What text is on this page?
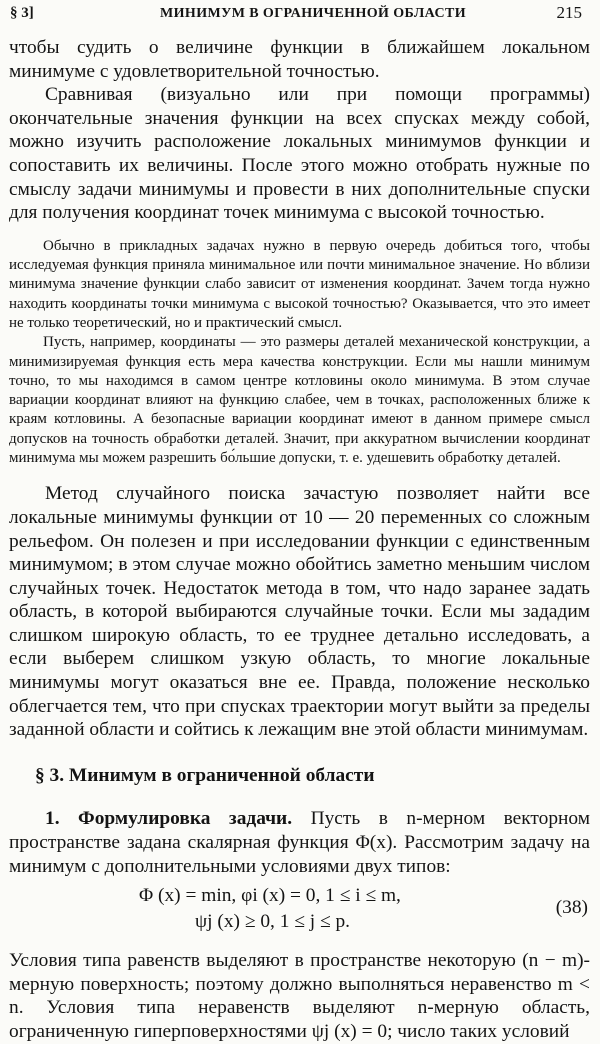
§ 3]	МИНИМУМ В ОГРАНИЧЕННОЙ ОБЛАСТИ	215

чтобы судить о величине функции в ближайшем локальном минимуме с удовлетворительной точностью.

Сравнивая (визуально или при помощи программы) окончательные значения функции на всех спусках между собой, можно изучить расположение локальных минимумов функции и сопоставить их величины. После этого можно отобрать нужные по смыслу задачи минимумы и провести в них дополнительные спуски для получения координат точек минимума с высокой точностью.

Обычно в прикладных задачах нужно в первую очередь добиться того, чтобы исследуемая функция приняла минимальное или почти минимальное значение. Но вблизи минимума значение функции слабо зависит от изменения координат. Зачем тогда нужно находить координаты точки минимума с высокой точностью? Оказывается, что это имеет не только теоретический, но и практический смысл.

Пусть, например, координаты — это размеры деталей механической конструкции, а минимизируемая функция есть мера качества конструкции. Если мы нашли минимум точно, то мы находимся в самом центре котловины около минимума. В этом случае вариации координат влияют на функцию слабее, чем в точках, расположенных ближе к краям котловины. А безопасные вариации координат имеют в данном примере смысл допусков на точность обработки деталей. Значит, при аккуратном вычислении координат минимума мы можем разрешить бо́льшие допуски, т. е. удешевить обработку деталей.

Метод случайного поиска зачастую позволяет найти все локальные минимумы функции от 10 — 20 переменных со сложным рельефом. Он полезен и при исследовании функции с единственным минимумом; в этом случае можно обойтись заметно меньшим числом случайных точек. Недостаток метода в том, что надо заранее задать область, в которой выбираются случайные точки. Если мы зададим слишком широкую область, то ее труднее детально исследовать, а если выберем слишком узкую область, то многие локальные минимумы могут оказаться вне ее. Правда, положение несколько облегчается тем, что при спусках траектории могут выйти за пределы заданной области и сойтись к лежащим вне этой области минимумам.

§ 3. Минимум в ограниченной области

1. Формулировка задачи. Пусть в n-мерном векторном пространстве задана скалярная функция Φ(x). Рассмотрим задачу на минимум с дополнительными условиями двух типов:

Φ (x) = min, φi (x) = 0, 1 ≤ i ≤ m,
ψj (x) ≥ 0, 1 ≤ j ≤ p.
(38)

Условия типа равенств выделяют в пространстве некоторую (n − m)-мерную поверхность; поэтому должно выполняться неравенство m < n. Условия типа неравенств выделяют n-мерную область, ограниченную гиперповерхностями ψj (x) = 0; число таких условий
